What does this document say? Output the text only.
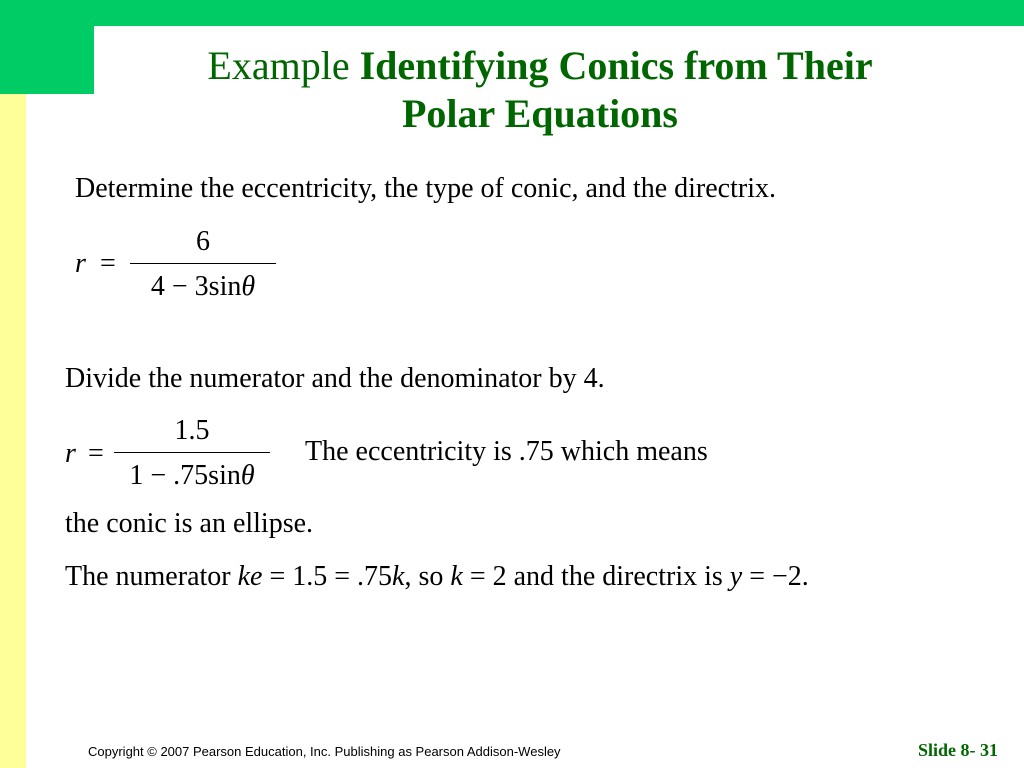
Example Identifying Conics from Their
Polar Equations
Determine the eccentricity, the type of conic, and the directrix.
r =
6
4 − 3sinθ
Divide the numerator and the denominator by 4.
r =
1.5
1 − .75sinθ
The eccentricity is .75 which means
the conic is an ellipse.
The numerator ke = 1.5 = .75k, so k = 2 and the directrix is y = −2.
Copyright © 2007 Pearson Education, Inc. Publishing as Pearson Addison-Wesley	Slide 8- 31
